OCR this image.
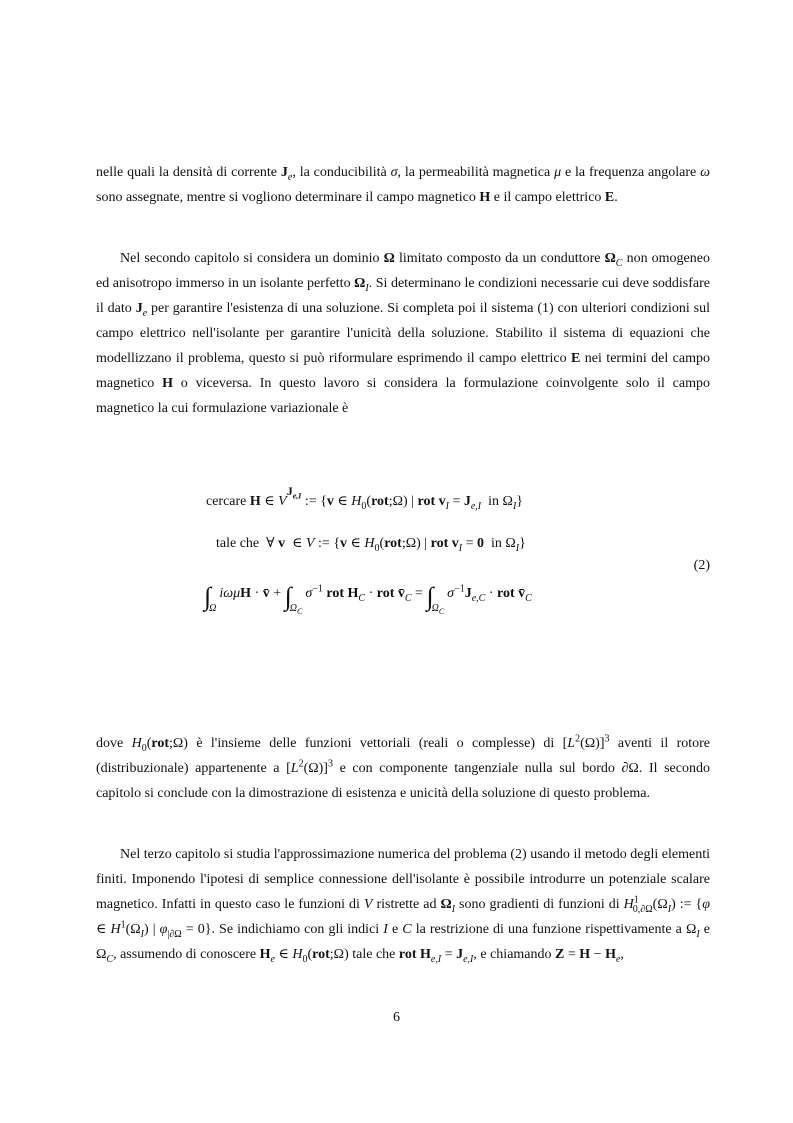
nelle quali la densità di corrente $J_e$, la conducibilità σ, la permeabilità magnetica μ e la frequenza angolare ω sono assegnate, mentre si vogliono determinare il campo magnetico H e il campo elettrico E.

Nel secondo capitolo si considera un dominio Ω limitato composto da un conduttore $\Omega_C$ non omogeneo ed anisotropo immerso in un isolante perfetto $\Omega_I$. Si determinano le condizioni necessarie cui deve soddisfare il dato $J_e$ per garantire l'esistenza di una soluzione. Si completa poi il sistema (1) con ulteriori condizioni sul campo elettrico nell'isolante per garantire l'unicità della soluzione. Stabilito il sistema di equazioni che modellizzano il problema, questo si può riformulare esprimendo il campo elettrico E nei termini del campo magnetico H o viceversa. In questo lavoro si considera la formulazione coinvolgente solo il campo magnetico la cui formulazione variazionale è

cercare H ∈ $VJ_{e,I}$ := {v ∈ $H_0(rot;\Omega)$ | rot $v_I = J_{e,I}$ in $\Omega_I$}
tale che ∀ v  ∈ V := {v ∈ $H_0(rot;\Omega)$ | rot $v_I = 0$  in $\Omega_I$}
(2)
$\int_\Omega i\omega\mu H$ · v̄ + $\int_{\Omega_C}\sigma^{-1}$ rot $H_C$ · rot $v̄_C = \int_{\Omega_C}\sigma^{-1}J_{e,C}$ · rot $v̄_C$

dove $H_0(rot;\Omega)$ è l'insieme delle funzioni vettoriali (reali o complesse) di $[L^2(\Omega)]^3$ aventi il rotore (distribuzionale) appartenente a $[L^2(\Omega)]^3$ e con componente tangenziale nulla sul bordo ∂Ω. Il secondo capitolo si conclude con la dimostrazione di esistenza e unicità della soluzione di questo problema.

Nel terzo capitolo si studia l'approssimazione numerica del problema (2) usando il metodo degli elementi finiti. Imponendo l'ipotesi di semplice connessione dell'isolante è possibile introdurre un potenziale scalare magnetico. Infatti in questo caso le funzioni di V ristrette ad $\Omega_I$ sono gradienti di funzioni di $H^1_{0,\partial\Omega}(\Omega_I)$ := {φ ∈ $H^1(\Omega_I)$ | $\varphi_{|\partial\Omega} = 0$}. Se indichiamo con gli indici I e C la restrizione di una funzione rispettivamente a $\Omega_I$ e $\Omega_C$, assumendo di conoscere $H_e$ ∈ $H_0(rot;\Omega)$ tale che rot $H_{e,I} = J_{e,I}$, e chiamando $Z = H - H_e$,

6
